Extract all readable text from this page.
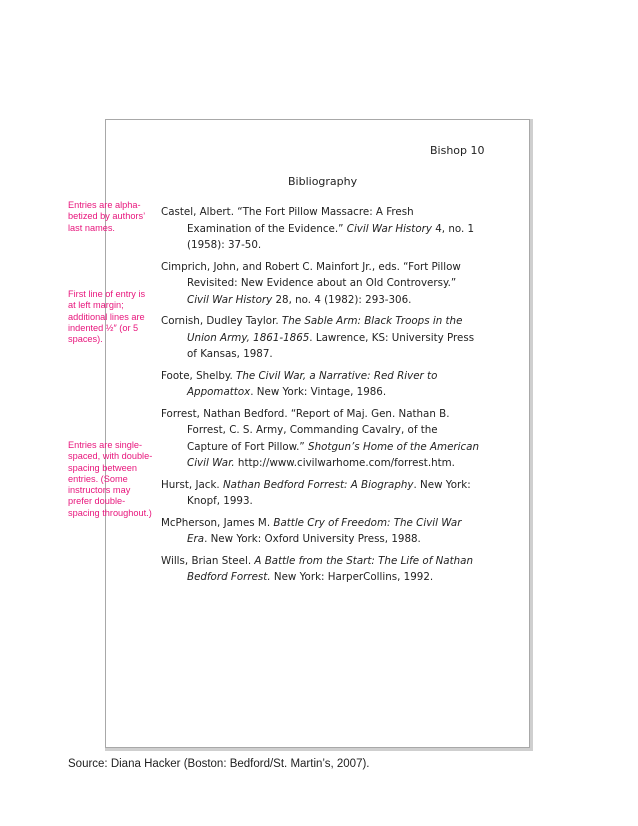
Bishop 10
Bibliography
Entries are alpha-betized by authors’ last names.
First line of entry is at left margin; additional lines are indented ½″ (or 5 spaces).
Entries are single-spaced, with double-spacing between entries. (Some instructors may prefer double-spacing throughout.)
Castel, Albert. “The Fort Pillow Massacre: A Fresh Examination of the Evidence.” Civil War History 4, no. 1 (1958): 37-50.
Cimprich, John, and Robert C. Mainfort Jr., eds. “Fort Pillow Revisited: New Evidence about an Old Controversy.” Civil War History 28, no. 4 (1982): 293-306.
Cornish, Dudley Taylor. The Sable Arm: Black Troops in the Union Army, 1861-1865. Lawrence, KS: University Press of Kansas, 1987.
Foote, Shelby. The Civil War, a Narrative: Red River to Appomattox. New York: Vintage, 1986.
Forrest, Nathan Bedford. “Report of Maj. Gen. Nathan B. Forrest, C. S. Army, Commanding Cavalry, of the Capture of Fort Pillow.” Shotgun’s Home of the American Civil War. http://www.civilwarhome.com/forrest.htm.
Hurst, Jack. Nathan Bedford Forrest: A Biography. New York: Knopf, 1993.
McPherson, James M. Battle Cry of Freedom: The Civil War Era. New York: Oxford University Press, 1988.
Wills, Brian Steel. A Battle from the Start: The Life of Nathan Bedford Forrest. New York: HarperCollins, 1992.
Source: Diana Hacker (Boston: Bedford/St. Martin’s, 2007).
